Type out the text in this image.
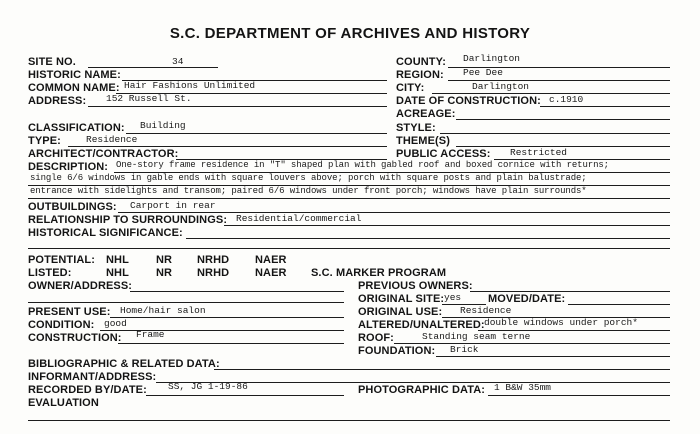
S.C. DEPARTMENT OF ARCHIVES AND HISTORY
SITE NO.	34
HISTORIC NAME:
COMMON NAME: Hair Fashions Unlimited
ADDRESS: 152 Russell St.
COUNTY: Darlington
REGION: Pee Dee
CITY:	Darlington
DATE OF CONSTRUCTION: c.1910
ACREAGE:
CLASSIFICATION: Building
TYPE:	Residence
ARCHITECT/CONTRACTOR:
STYLE:
THEME(S)
PUBLIC ACCESS: Restricted
DESCRIPTION: One-story frame residence in "T" shaped plan with gabled roof and boxed cornice with returns;
single 6/6 windows in gable ends with square louvers above; porch with square posts and plain balustrade;
entrance with sidelights and transom; paired 6/6 windows under front porch; windows have plain surrounds*
OUTBUILDINGS: Carport in rear
RELATIONSHIP TO SURROUNDINGS: Residential/commercial
HISTORICAL SIGNIFICANCE:
POTENTIAL: NHL NR NRHD NAER
LISTED:	NHL NR NRHD NAER S.C. MARKER PROGRAM
OWNER/ADDRESS:	PREVIOUS OWNERS:
ORIGINAL SITE: yes MOVED/DATE:
PRESENT USE: Home/hair salon	ORIGINAL USE: Residence
CONDITION: good	ALTERED/UNALTERED: double windows under porch*
CONSTRUCTION: Frame	ROOF:	Standing seam terne
FOUNDATION: Brick
BIBLIOGRAPHIC & RELATED DATA:
INFORMANT/ADDRESS:
RECORDED BY/DATE: SS, JG 1-19-86	PHOTOGRAPHIC DATA: 1 B&W 35mm
EVALUATION
